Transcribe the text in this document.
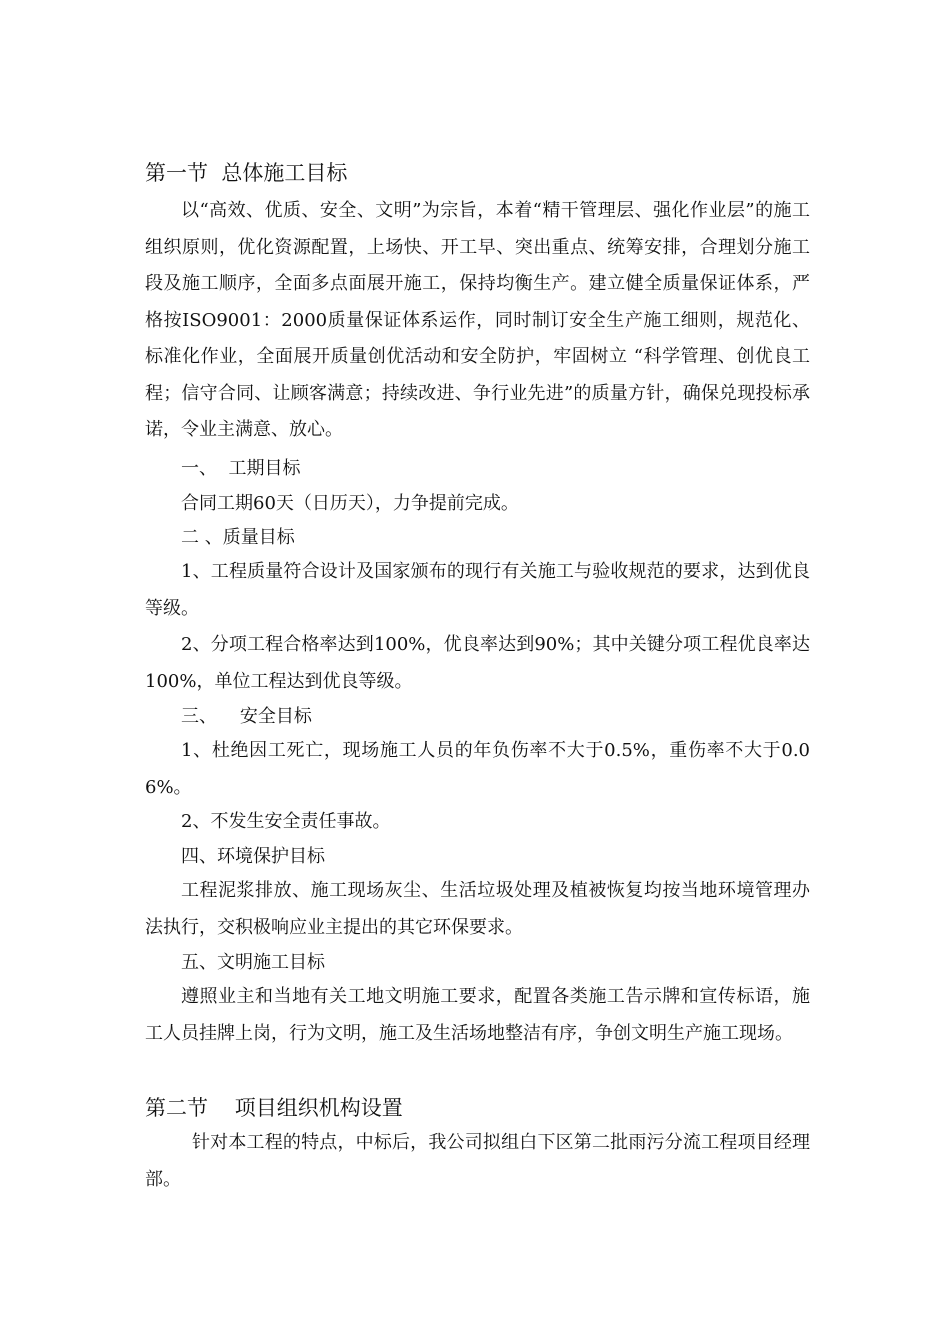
第一节  总体施工目标
以“高效、优质、安全、文明”为宗旨，本着“精干管理层、强化作业层”的施工组织原则，优化资源配置，上场快、开工早、突出重点、统筹安排，合理划分施工段及施工顺序，全面多点面展开施工，保持均衡生产。建立健全质量保证体系，严格按ISO9001：2000质量保证体系运作，同时制订安全生产施工细则，规范化、标准化作业，全面展开质量创优活动和安全防护，牢固树立 “科学管理、创优良工程；信守合同、让顾客满意；持续改进、争行业先进”的质量方针，确保兑现投标承诺，令业主满意、放心。
一、  工期目标
合同工期60天（日历天），力争提前完成。
二 、质量目标
1、工程质量符合设计及国家颁布的现行有关施工与验收规范的要求，达到优良等级。
2、分项工程合格率达到100%，优良率达到90%；其中关键分项工程优良率达100%，单位工程达到优良等级。
三、    安全目标
1、杜绝因工死亡，现场施工人员的年负伤率不大于0.5%，重伤率不大于0.06%。
2、不发生安全责任事故。
四、环境保护目标
工程泥浆排放、施工现场灰尘、生活垃圾处理及植被恢复均按当地环境管理办法执行，交积极响应业主提出的其它环保要求。
五、文明施工目标
遵照业主和当地有关工地文明施工要求，配置各类施工告示牌和宣传标语，施工人员挂牌上岗，行为文明，施工及生活场地整洁有序，争创文明生产施工现场。
第二节    项目组织机构设置
针对本工程的特点，中标后，我公司拟组白下区第二批雨污分流工程项目经理部。
